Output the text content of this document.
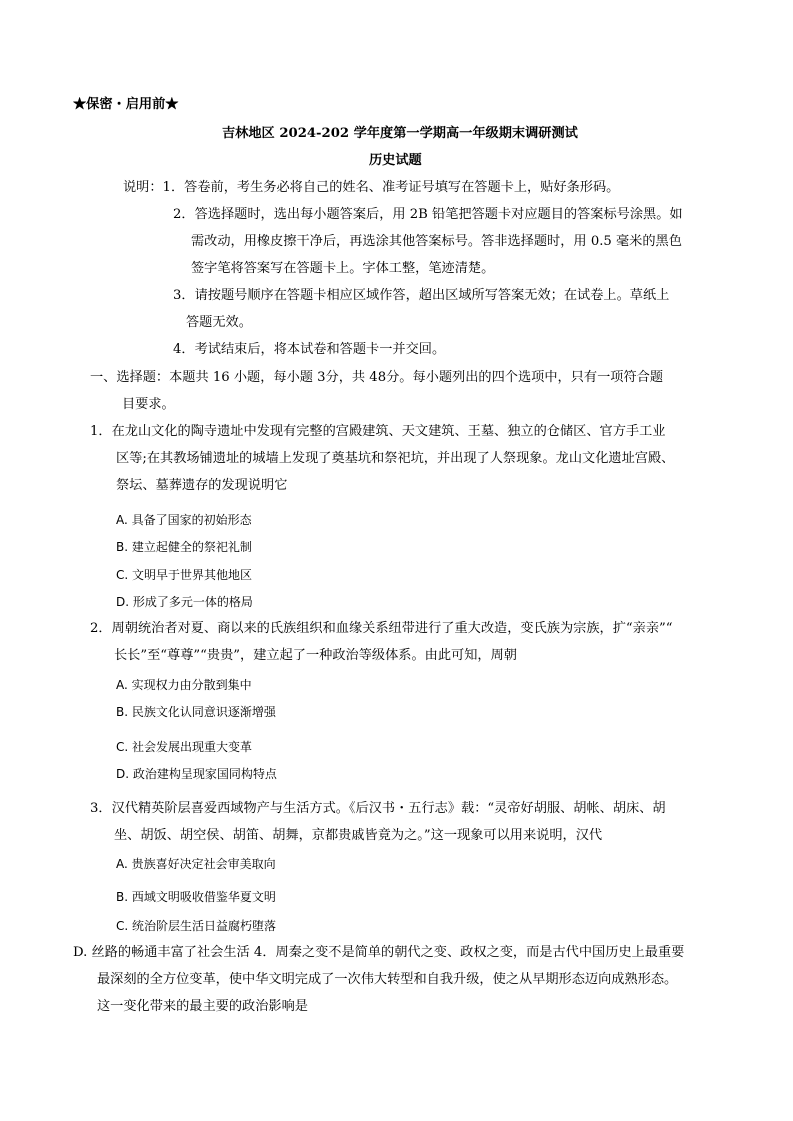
★保密・启用前★
吉林地区 2024-202 学年度第一学期高一年级期末调研测试
历史试题
说明：1．答卷前，考生务必将自己的姓名、准考证号填写在答题卡上，贴好条形码。
2．答选择题时，选出每小题答案后，用 2B 铅笔把答题卡对应题目的答案标号涂黑。如
需改动，用橡皮擦干净后，再选涂其他答案标号。答非选择题时，用 0.5 毫米的黑色
签字笔将答案写在答题卡上。字体工整，笔迹清楚。
3．请按题号顺序在答题卡相应区域作答，超出区域所写答案无效；在试卷上。草纸上
答题无效。
4．考试结束后，将本试卷和答题卡一并交回。
一、选择题：本题共 16 小题，每小题 3分，共 48分。每小题列出的四个选项中，只有一项符合题
目要求。
1．在龙山文化的陶寺遗址中发现有完整的宫殿建筑、天文建筑、王墓、独立的仓储区、官方手工业
区等;在其教场铺遗址的城墙上发现了奠基坑和祭祀坑，并出现了人祭现象。龙山文化遗址宫殿、
祭坛、墓葬遗存的发现说明它
A. 具备了国家的初始形态
B. 建立起健全的祭祀礼制
C. 文明早于世界其他地区
D. 形成了多元一体的格局
2．周朝统治者对夏、商以来的氏族组织和血缘关系纽带进行了重大改造，变氏族为宗族，扩“亲亲”“
长长”至“尊尊”“贵贵”，建立起了一种政治等级体系。由此可知，周朝
A. 实现权力由分散到集中
B. 民族文化认同意识逐渐增强
C. 社会发展出现重大变革
D. 政治建构呈现家国同构特点
3．汉代精英阶层喜爱西域物产与生活方式。《后汉书・五行志》载：“灵帝好胡服、胡帐、胡床、胡
坐、胡饭、胡空侯、胡笛、胡舞，京都贵戚皆竟为之。”这一现象可以用来说明，汉代
A. 贵族喜好决定社会审美取向
B. 西域文明吸收借鉴华夏文明
C. 统治阶层生活日益腐朽堕落
D. 丝路的畅通丰富了社会生活 4．周秦之变不是简单的朝代之变、政权之变，而是古代中国历史上最重要
最深刻的全方位变革，使中华文明完成了一次伟大转型和自我升级，使之从早期形态迈向成熟形态。
这一变化带来的最主要的政治影响是
